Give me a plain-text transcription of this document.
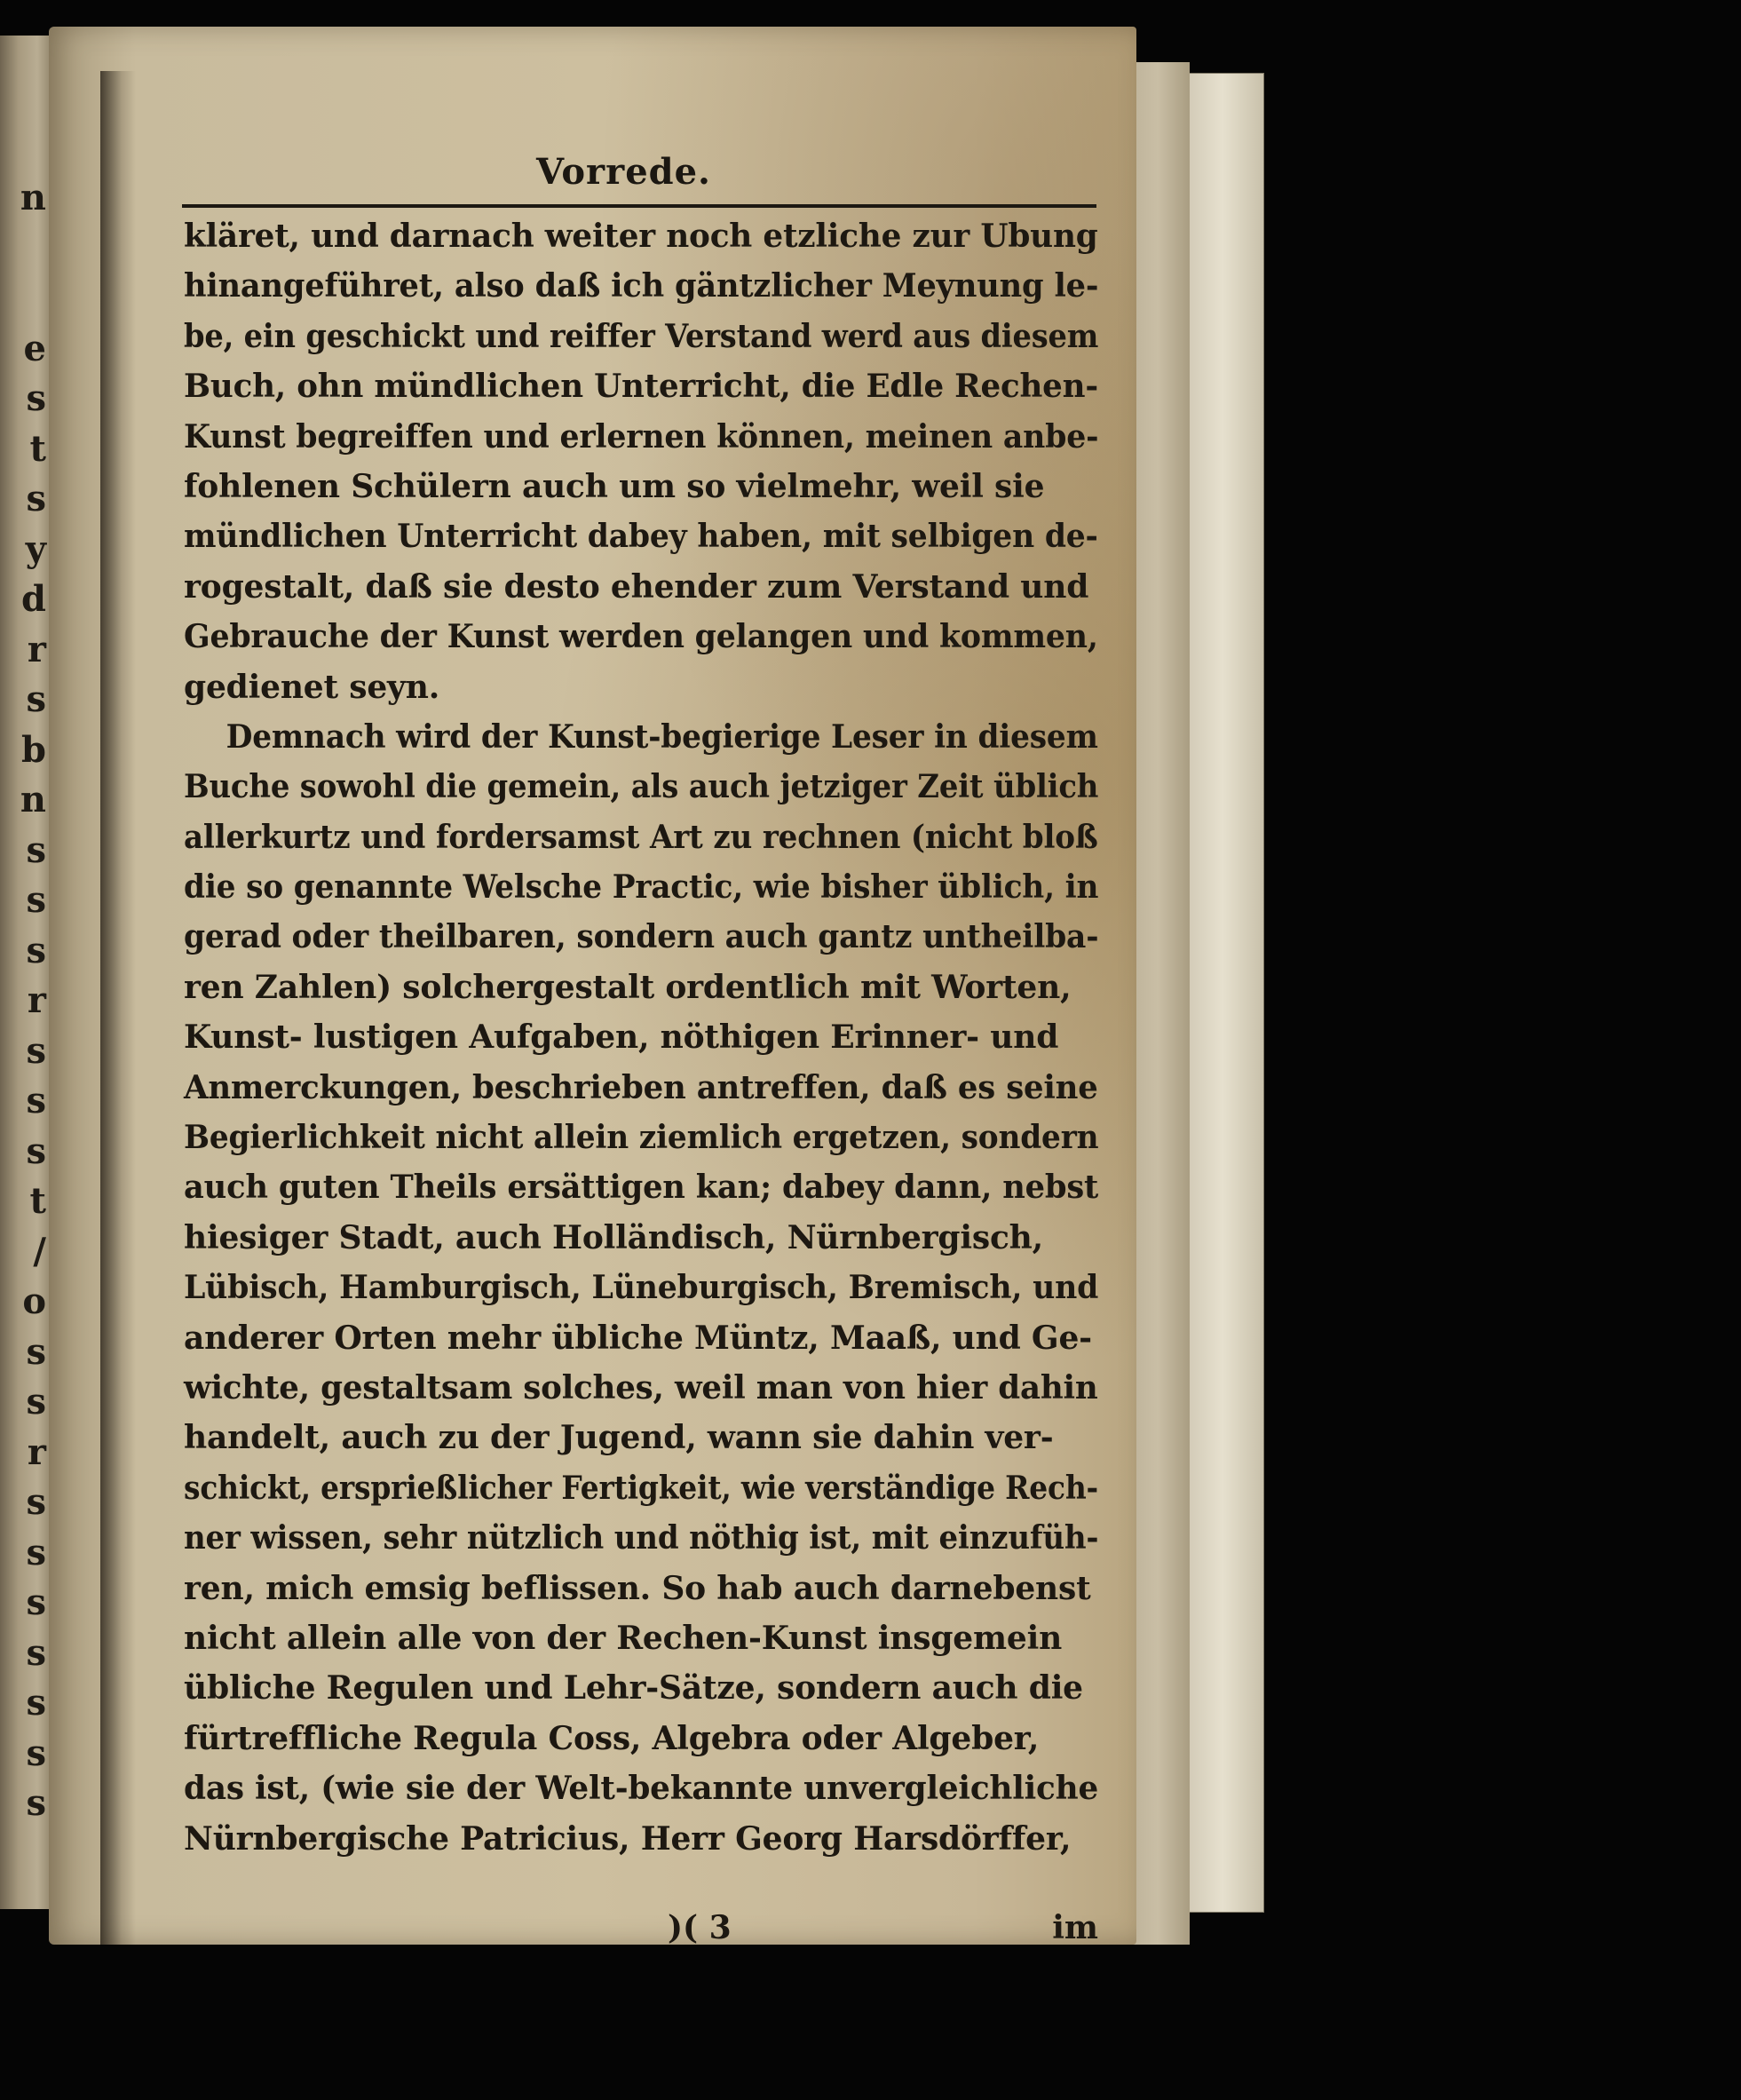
n
e
s
t
s
y
d
r
s
b
n
s
s
s
r
s
s
s
t
/
o
s
s
r
s
s
s
s
s
s
s
Vorrede.
kläret, und darnach weiter noch etzliche zur Ubung
hinangeführet, also daß ich gäntzlicher Meynung le-
be, ein geschickt und reiffer Verstand werd aus diesem
Buch, ohn mündlichen Unterricht, die Edle Rechen-
Kunst begreiffen und erlernen können, meinen anbe-
fohlenen Schülern auch um so vielmehr, weil sie
mündlichen Unterricht dabey haben, mit selbigen de-
rogestalt, daß sie desto ehender zum Verstand und
Gebrauche der Kunst werden gelangen und kommen,
gedienet seyn.
Demnach wird der Kunst-begierige Leser in diesem
Buche sowohl die gemein, als auch jetziger Zeit üblich
allerkurtz und fordersamst Art zu rechnen (nicht bloß
die so genannte Welsche Practic, wie bisher üblich, in
gerad oder theilbaren, sondern auch gantz untheilba-
ren Zahlen) solchergestalt ordentlich mit Worten,
Kunst- lustigen Aufgaben, nöthigen Erinner- und
Anmerckungen, beschrieben antreffen, daß es seine
Begierlichkeit nicht allein ziemlich ergetzen, sondern
auch guten Theils ersättigen kan; dabey dann, nebst
hiesiger Stadt, auch Holländisch, Nürnbergisch,
Lübisch, Hamburgisch, Lüneburgisch, Bremisch, und
anderer Orten mehr übliche Müntz, Maaß, und Ge-
wichte, gestaltsam solches, weil man von hier dahin
handelt, auch zu der Jugend, wann sie dahin ver-
schickt, ersprießlicher Fertigkeit, wie verständige Rech-
ner wissen, sehr nützlich und nöthig ist, mit einzufüh-
ren, mich emsig beflissen. So hab auch darnebenst
nicht allein alle von der Rechen-Kunst insgemein
übliche Regulen und Lehr-Sätze, sondern auch die
fürtreffliche Regula Coss, Algebra oder Algeber,
das ist, (wie sie der Welt-bekannte unvergleichliche
Nürnbergische Patricius, Herr Georg Harsdörffer,
)( 3	im
